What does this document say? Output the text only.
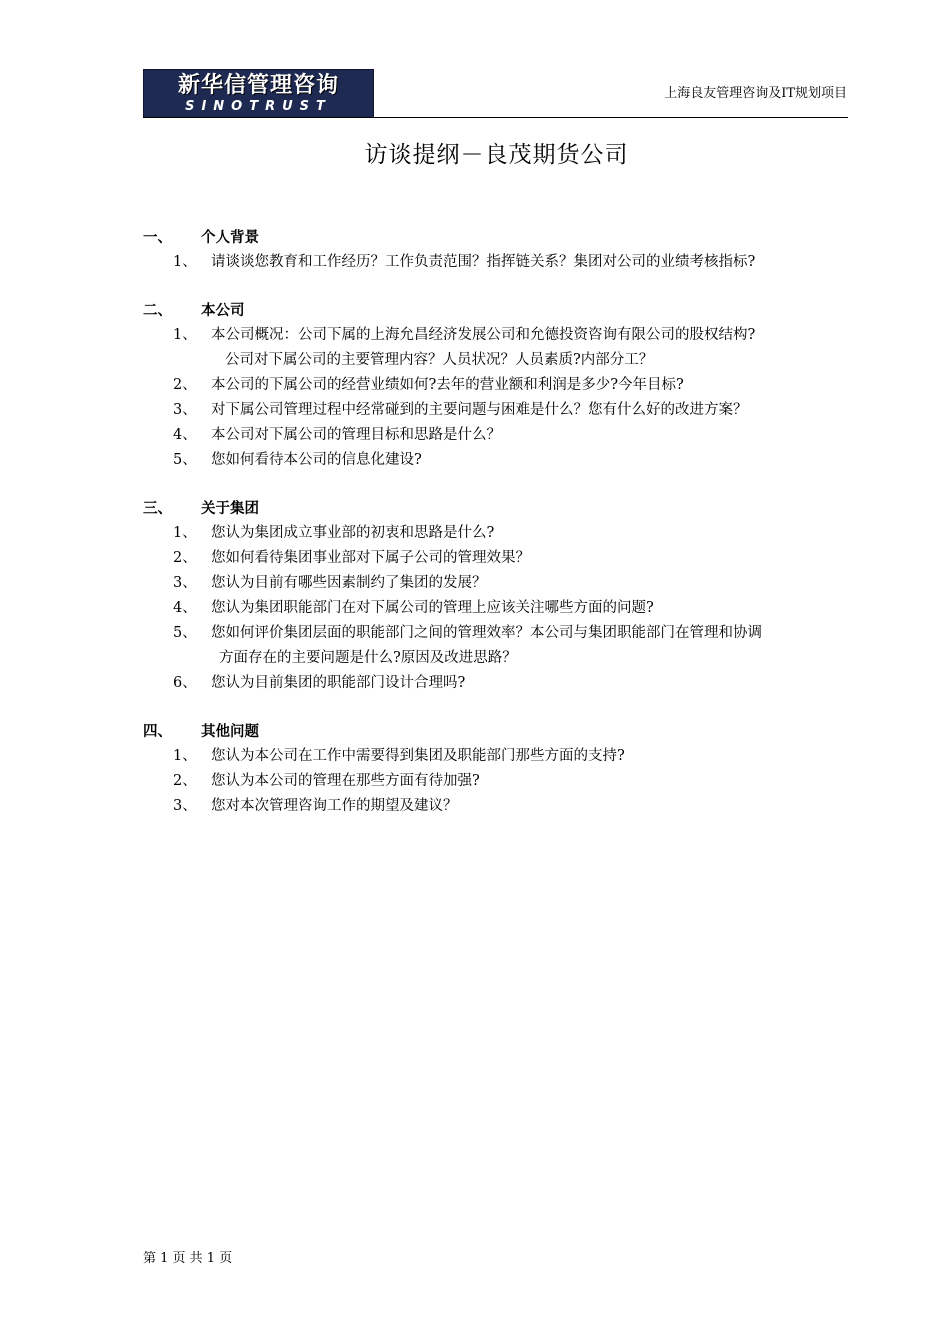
新华信管理咨询
SINOTRUST
上海良友管理咨询及IT规划项目
访谈提纲－良茂期货公司
一、 个人背景
1、 请谈谈您教育和工作经历？工作负责范围？指挥链关系？集团对公司的业绩考核指标?
二、 本公司
1、 本公司概况：公司下属的上海允昌经济发展公司和允德投资咨询有限公司的股权结构?
公司对下属公司的主要管理内容？人员状况？人员素质?内部分工？
2、 本公司的下属公司的经营业绩如何?去年的营业额和利润是多少?今年目标?
3、 对下属公司管理过程中经常碰到的主要问题与困难是什么？您有什么好的改进方案？
4、 本公司对下属公司的管理目标和思路是什么？
5、 您如何看待本公司的信息化建设?
三、 关于集团
1、 您认为集团成立事业部的初衷和思路是什么?
2、 您如何看待集团事业部对下属子公司的管理效果？
3、 您认为目前有哪些因素制约了集团的发展？
4、 您认为集团职能部门在对下属公司的管理上应该关注哪些方面的问题?
5、 您如何评价集团层面的职能部门之间的管理效率？本公司与集团职能部门在管理和协调
方面存在的主要问题是什么?原因及改进思路？
6、 您认为目前集团的职能部门设计合理吗?
四、 其他问题
1、 您认为本公司在工作中需要得到集团及职能部门那些方面的支持?
2、 您认为本公司的管理在那些方面有待加强?
3、 您对本次管理咨询工作的期望及建议？
第 1 页 共 1 页
